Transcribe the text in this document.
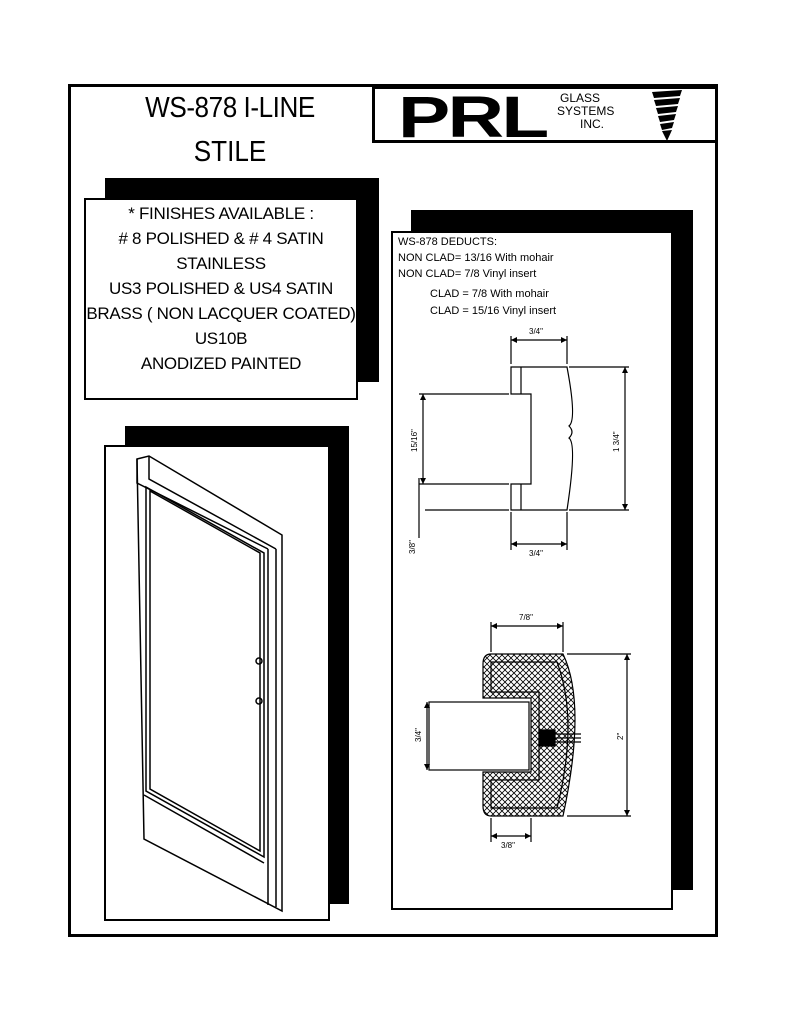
WS-878 I-LINE
STILE
PRL GLASS
SYSTEMS
INC.
* FINISHES AVAILABLE :
# 8 POLISHED & # 4 SATIN
STAINLESS
US3 POLISHED & US4 SATIN
BRASS ( NON LACQUER COATED)
US10B
ANODIZED PAINTED
WS-878 DEDUCTS:
NON CLAD= 13/16 With mohair
NON CLAD= 7/8 Vinyl insert
CLAD = 7/8 With mohair
CLAD = 15/16 Vinyl insert
3/4"
1 3/4"
15/16"
3/8"	3/4"
7/8"
2"
3/4"
3/8"
